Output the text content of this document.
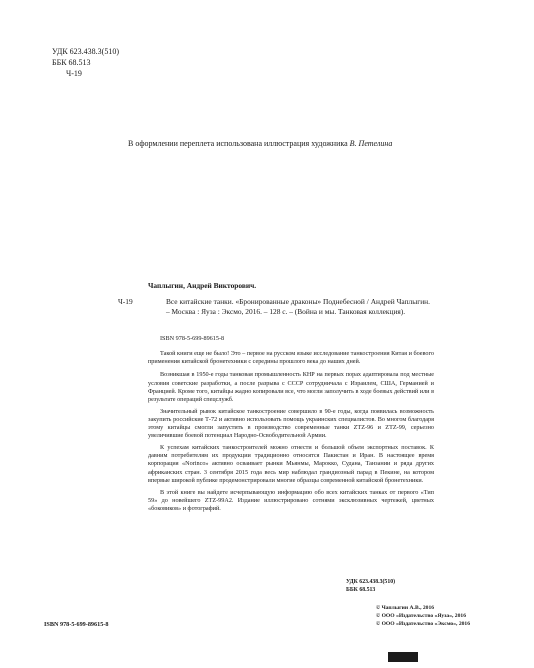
УДК 623.438.3(510)
ББК 68.513
Ч-19
В оформлении переплета использована иллюстрация художника В. Петелина
Чаплыгин, Андрей Викторович.
Ч-19	Все китайские танки. «Бронированные драконы» Поднебесной / Андрей Чаплыгин. – Москва : Яуза : Эксмо, 2016. – 128 с. – (Война и мы. Танковая коллекция).
ISBN 978-5-699-89615-8

Такой книги еще не было! Это – первое на русском языке исследование танкостроения Китая и боевого применения китайской бронетехники с середины прошлого века до наших дней.

Возникшая в 1950-е годы танковая промышленность КНР на первых порах адаптировала под местные условия советские разработки, а после разрыва с СССР сотрудничала с Израилем, США, Германией и Францией. Кроме того, китайцы жадно копировали все, что могли заполучить в ходе боевых действий или в результате операций спецслужб.

Значительный рывок китайское танкостроение совершило в 90-е годы, когда появилась возможность закупить российские Т-72 и активно использовать помощь украинских специалистов. Во многом благодаря этому китайцы смогли запустить в производство современные танки ZTZ-96 и ZTZ-99, серьезно увеличившие боевой потенциал Народно-Освободительной Армии.

К успехам китайских танкостроителей можно отнести и большой объем экспортных поставок. К давним потребителям их продукции традиционно относятся Пакистан и Иран. В настоящее время корпорация «Norinco» активно осваивает рынки Мьянмы, Марокко, Судана, Танзании и ряда других африканских стран. 3 сентября 2015 года весь мир наблюдал грандиозный парад в Пекине, на котором впервые широкой публике продемонстрировали многие образцы современной китайской бронетехники.

В этой книге вы найдете исчерпывающую информацию обо всех китайских танках от первого «Тип 59» до новейшего ZTZ-99A2. Издание иллюстрировано сотнями эксклюзивных чертежей, цветных «боковиков» и фотографий.

УДК 623.438.3(510)
ББК 68.513
ISBN 978-5-699-89615-8
© Чаплыгин А.В., 2016
© ООО «Издательство «Яуза», 2016
© ООО «Издательство «Эксмо», 2016
